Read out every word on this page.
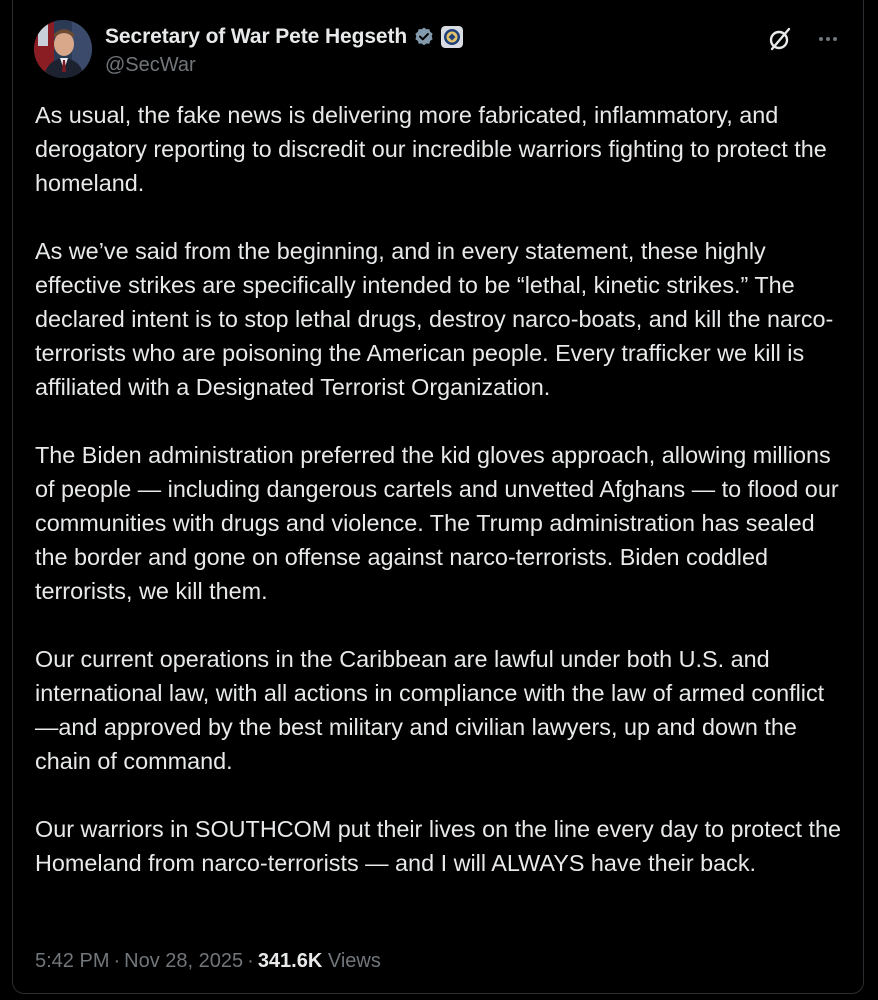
Secretary of War Pete Hegseth
@SecWar

As usual, the fake news is delivering more fabricated, inflammatory, and derogatory reporting to discredit our incredible warriors fighting to protect the homeland.

As we’ve said from the beginning, and in every statement, these highly effective strikes are specifically intended to be “lethal, kinetic strikes.” The declared intent is to stop lethal drugs, destroy narco-boats, and kill the narco-terrorists who are poisoning the American people. Every trafficker we kill is affiliated with a Designated Terrorist Organization.

The Biden administration preferred the kid gloves approach, allowing millions of people — including dangerous cartels and unvetted Afghans — to flood our communities with drugs and violence. The Trump administration has sealed the border and gone on offense against narco-terrorists. Biden coddled terrorists, we kill them.

Our current operations in the Caribbean are lawful under both U.S. and international law, with all actions in compliance with the law of armed conflict—and approved by the best military and civilian lawyers, up and down the chain of command.

Our warriors in SOUTHCOM put their lives on the line every day to protect the Homeland from narco-terrorists — and I will ALWAYS have their back.

5:42 PM · Nov 28, 2025 · 341.6K Views
